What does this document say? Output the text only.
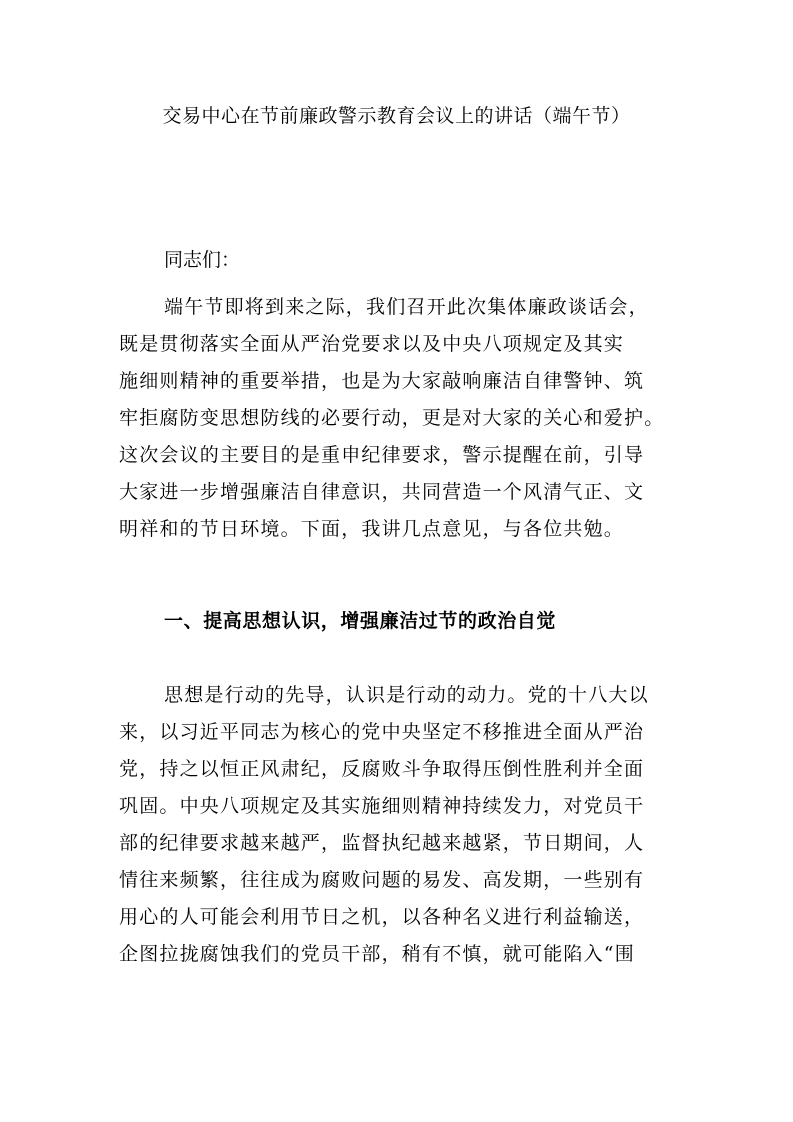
交易中心在节前廉政警示教育会议上的讲话（端午节）
同志们：
端午节即将到来之际，我们召开此次集体廉政谈话会，
既是贯彻落实全面从严治党要求以及中央八项规定及其实
施细则精神的重要举措，也是为大家敲响廉洁自律警钟、筑
牢拒腐防变思想防线的必要行动，更是对大家的关心和爱护。
这次会议的主要目的是重申纪律要求，警示提醒在前，引导
大家进一步增强廉洁自律意识，共同营造一个风清气正、文
明祥和的节日环境。下面，我讲几点意见，与各位共勉。
一、提高思想认识，增强廉洁过节的政治自觉
思想是行动的先导，认识是行动的动力。党的十八大以
来，以习近平同志为核心的党中央坚定不移推进全面从严治
党，持之以恒正风肃纪，反腐败斗争取得压倒性胜利并全面
巩固。中央八项规定及其实施细则精神持续发力，对党员干
部的纪律要求越来越严，监督执纪越来越紧，节日期间，人
情往来频繁，往往成为腐败问题的易发、高发期，一些别有
用心的人可能会利用节日之机，以各种名义进行利益输送，
企图拉拢腐蚀我们的党员干部，稍有不慎，就可能陷入“围
